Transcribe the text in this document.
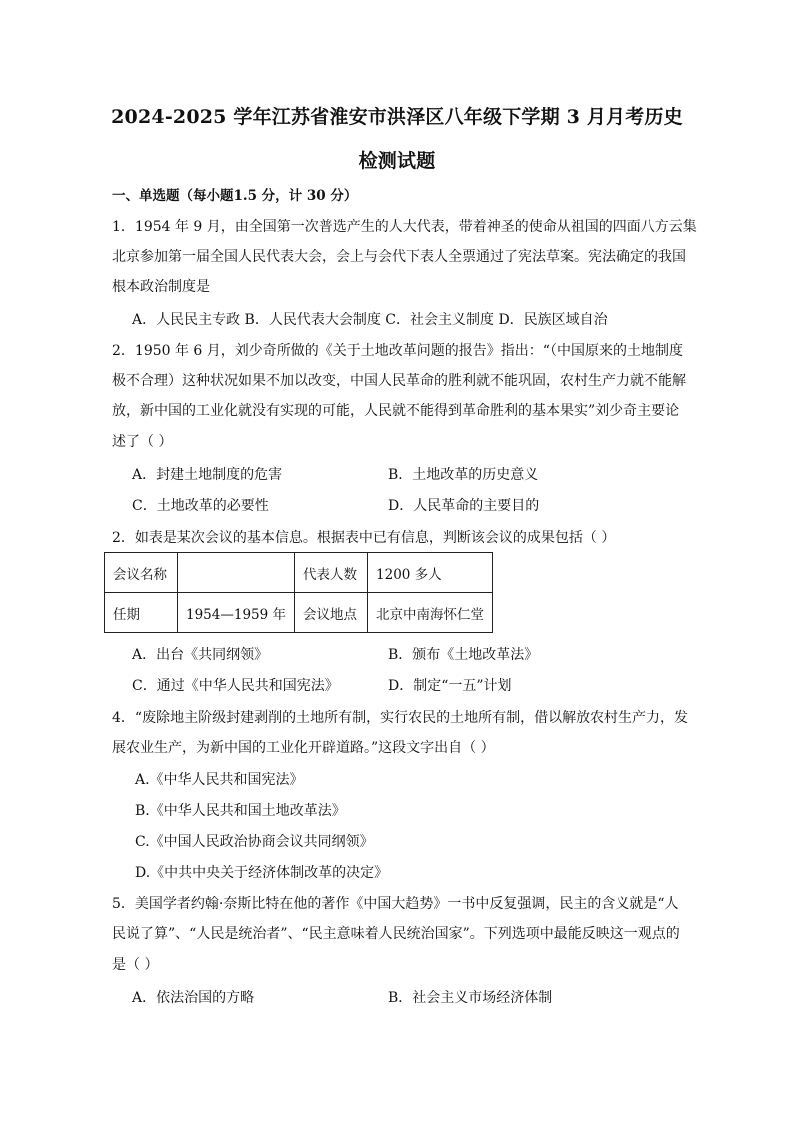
2024-2025 学年江苏省淮安市洪泽区八年级下学期 3 月月考历史
检测试题
一、单选题（每小题1.5 分，计 30 分）
1．1954 年 9 月，由全国第一次普选产生的人大代表，带着神圣的使命从祖国的四面八方云集
北京参加第一届全国人民代表大会，会上与会代下表人全票通过了宪法草案。宪法确定的我国
根本政治制度是
A．人民民主专政 B．人民代表大会制度 C．社会主义制度 D．民族区域自治
2．1950 年 6 月，刘少奇所做的《关于土地改革问题的报告》指出：“（中国原来的土地制度
极不合理）这种状况如果不加以改变，中国人民革命的胜利就不能巩固，农村生产力就不能解
放，新中国的工业化就没有实现的可能，人民就不能得到革命胜利的基本果实”刘少奇主要论
述了（ ）
A．封建土地制度的危害	B．土地改革的历史意义
C．土地改革的必要性	D．人民革命的主要目的
2．如表是某次会议的基本信息。根据表中已有信息，判断该会议的成果包括（ ）
会议名称		代表人数	1200 多人
任期	1954—1959 年	会议地点	北京中南海怀仁堂
A．出台《共同纲领》	B．颁布《土地改革法》
C．通过《中华人民共和国宪法》	D．制定“一五”计划
4．“废除地主阶级封建剥削的土地所有制，实行农民的土地所有制，借以解放农村生产力，发
展农业生产，为新中国的工业化开辟道路。”这段文字出自（ ）
A.《中华人民共和国宪法》
B.《中华人民共和国土地改革法》
C.《中国人民政治协商会议共同纲领》
D.《中共中央关于经济体制改革的决定》
5．美国学者约翰·奈斯比特在他的著作《中国大趋势》一书中反复强调，民主的含义就是“人
民说了算”、“人民是统治者”、“民主意味着人民统治国家”。下列选项中最能反映这一观点的
是（ ）
A．依法治国的方略	B．社会主义市场经济体制
